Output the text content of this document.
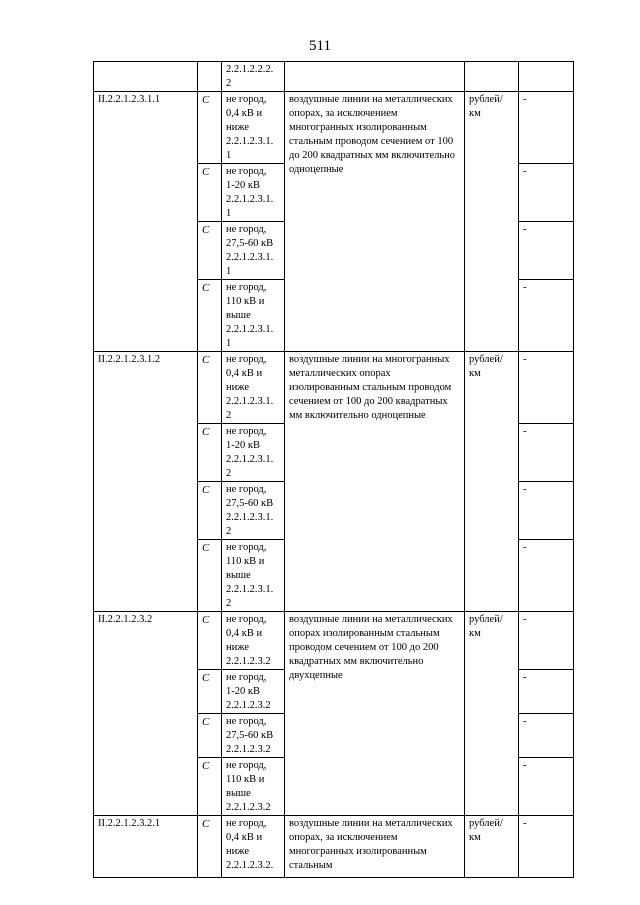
511
		2.2.1.2.2.2.
2			
II.2.2.1.2.3.1.1	С	не город,
0,4 кВ и
ниже
2.2.1.2.3.1.
1	воздушные линии на металлических опорах, за исключением многогранных изолированным стальным проводом сечением от 100 до 200 квадратных мм включительно одноцепные	рублей/
км	-
	С	не город,
1-20 кВ
2.2.1.2.3.1.
1			-
	С	не город,
27,5-60 кВ
2.2.1.2.3.1.
1			-
	С	не город,
110 кВ и
выше
2.2.1.2.3.1.
1			-
II.2.2.1.2.3.1.2	С	не город,
0,4 кВ и
ниже
2.2.1.2.3.1.
2	воздушные линии на многогранных металлических опорах изолированным стальным проводом сечением от 100 до 200 квадратных мм включительно одноцепные	рублей/
км	-
	С	не город,
1-20 кВ
2.2.1.2.3.1.
2			-
	С	не город,
27,5-60 кВ
2.2.1.2.3.1.
2			-
	С	не город,
110 кВ и
выше
2.2.1.2.3.1.
2			-
II.2.2.1.2.3.2	С	не город,
0,4 кВ и
ниже
2.2.1.2.3.2	воздушные линии на металлических опорах изолированным стальным проводом сечением от 100 до 200 квадратных мм включительно двухцепные	рублей/
км	-
	С	не город,
1-20 кВ
2.2.1.2.3.2			-
	С	не город,
27,5-60 кВ
2.2.1.2.3.2			-
	С	не город,
110 кВ и
выше
2.2.1.2.3.2			-
II.2.2.1.2.3.2.1	С	не город,
0,4 кВ и
ниже
2.2.1.2.3.2.	воздушные линии на металлических опорах, за исключением многогранных изолированным стальным	рублей/
км	-
